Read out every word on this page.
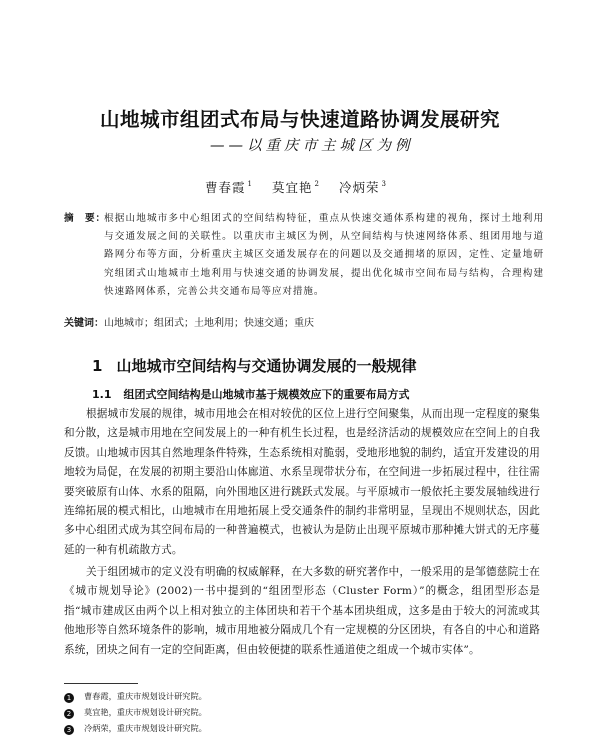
山地城市组团式布局与快速道路协调发展研究
——以重庆市主城区为例
曹春霞 $^1$ 莫宜艳 $^2$ 冷炳荣 $^3$
摘　要：
根据山地城市多中心组团式的空间结构特征，重点从快速交通体系构建的视角，探讨土地利用与交通发展之间的关联性。以重庆市主城区为例，从空间结构与快速网络体系、组团用地与道路网分布等方面，分析重庆主城区交通发展存在的问题以及交通拥堵的原因，定性、定量地研究组团式山地城市土地利用与快速交通的协调发展，提出优化城市空间布局与结构，合理构建快速路网体系，完善公共交通布局等应对措施。
关键词：山地城市；组团式；土地利用；快速交通；重庆
1 山地城市空间结构与交通协调发展的一般规律
1.1 组团式空间结构是山地城市基于规模效应下的重要布局方式
根据城市发展的规律，城市用地会在相对较优的区位上进行空间聚集，从而出现一定程度的聚集和分散，这是城市用地在空间发展上的一种有机生长过程，也是经济活动的规模效应在空间上的自我反馈。山地城市因其自然地理条件特殊，生态系统相对脆弱，受地形地貌的制约，适宜开发建设的用地较为局促，在发展的初期主要沿山体廊道、水系呈现带状分布，在空间进一步拓展过程中，往往需要突破原有山体、水系的阻隔，向外围地区进行跳跃式发展。与平原城市一般依托主要发展轴线进行连绵拓展的模式相比，山地城市在用地拓展上受交通条件的制约非常明显，呈现出不规则状态，因此多中心组团式成为其空间布局的一种普遍模式，也被认为是防止出现平原城市那种摊大饼式的无序蔓延的一种有机疏散方式。
关于组团城市的定义没有明确的权威解释，在大多数的研究著作中，一般采用的是邹德慈院士在《城市规划导论》(2002)一书中提到的“组团型形态（Cluster Form）”的概念，组团型形态是指“城市建成区由两个以上相对独立的主体团块和若干个基本团块组成，这多是由于较大的河流或其他地形等自然环境条件的影响，城市用地被分隔成几个有一定规模的分区团块，有各自的中心和道路系统，团块之间有一定的空间距离，但由较便捷的联系性通道使之组成一个城市实体”。
1 曹春霞，重庆市规划设计研究院。
2 莫宜艳，重庆市规划设计研究院。
3 冷炳荣，重庆市规划设计研究院。
